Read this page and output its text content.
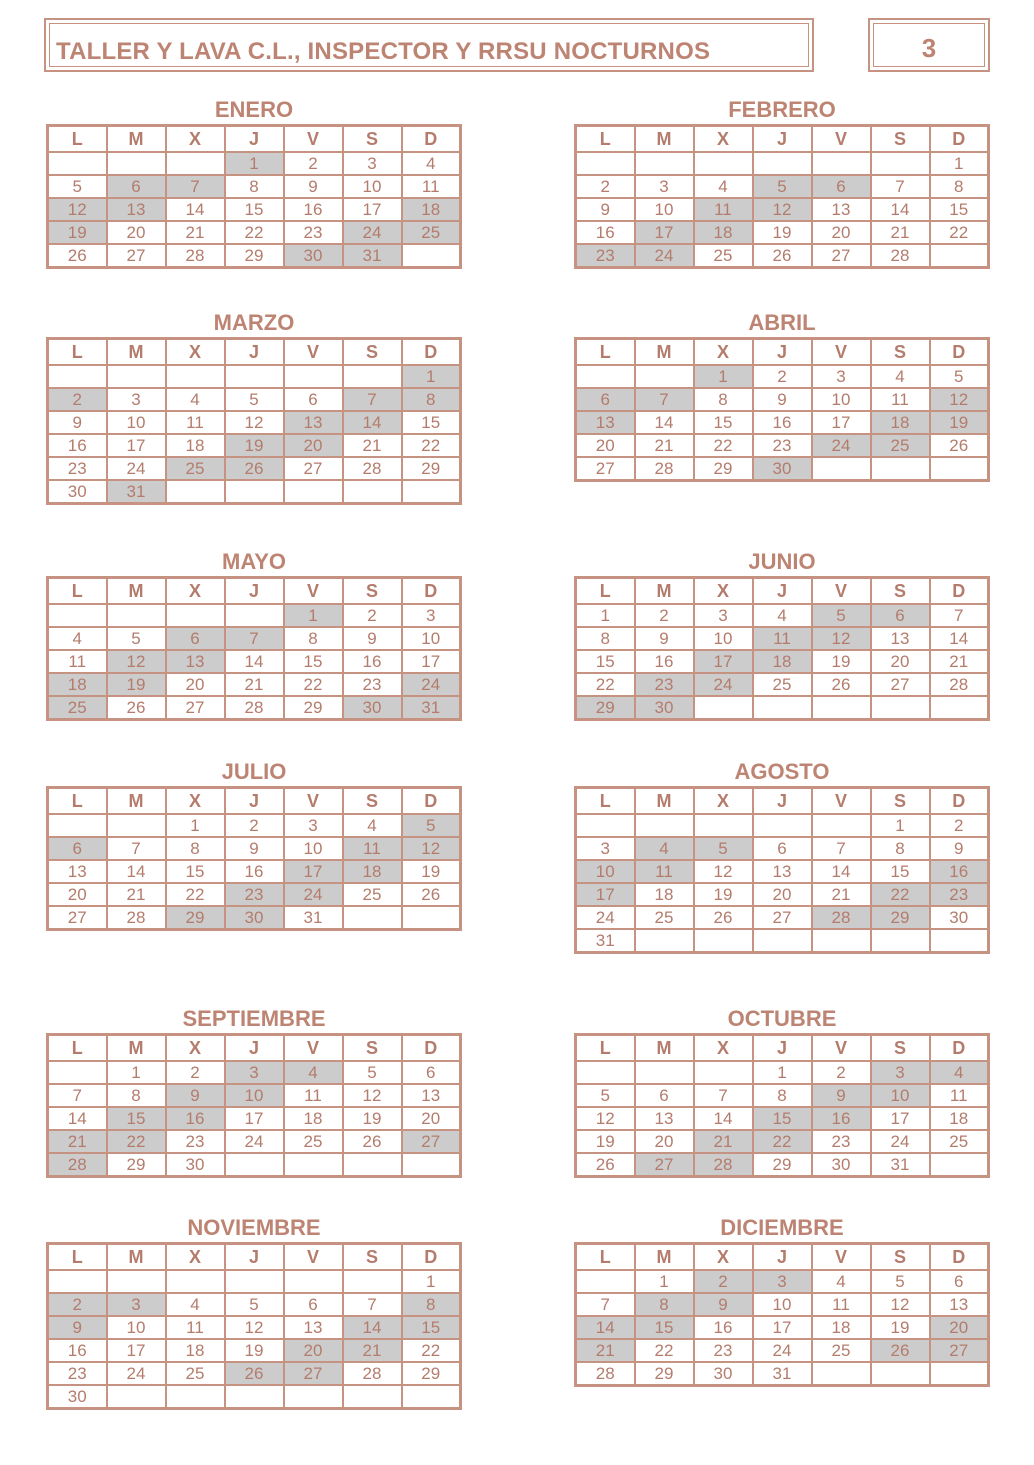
TALLER Y LAVA C.L., INSPECTOR Y RRSU NOCTURNOS	3
ENERO
L	M	X	J	V	S	D
			1	2	3	4
5	6	7	8	9	10	11
12	13	14	15	16	17	18
19	20	21	22	23	24	25
26	27	28	29	30	31	
FEBRERO
L	M	X	J	V	S	D
						1
2	3	4	5	6	7	8
9	10	11	12	13	14	15
16	17	18	19	20	21	22
23	24	25	26	27	28	
MARZO
L	M	X	J	V	S	D
						1
2	3	4	5	6	7	8
9	10	11	12	13	14	15
16	17	18	19	20	21	22
23	24	25	26	27	28	29
30	31					
ABRIL
L	M	X	J	V	S	D
		1	2	3	4	5
6	7	8	9	10	11	12
13	14	15	16	17	18	19
20	21	22	23	24	25	26
27	28	29	30			
MAYO
L	M	X	J	V	S	D
				1	2	3
4	5	6	7	8	9	10
11	12	13	14	15	16	17
18	19	20	21	22	23	24
25	26	27	28	29	30	31
JUNIO
L	M	X	J	V	S	D
1	2	3	4	5	6	7
8	9	10	11	12	13	14
15	16	17	18	19	20	21
22	23	24	25	26	27	28
29	30					
JULIO
L	M	X	J	V	S	D
		1	2	3	4	5
6	7	8	9	10	11	12
13	14	15	16	17	18	19
20	21	22	23	24	25	26
27	28	29	30	31		
AGOSTO
L	M	X	J	V	S	D
					1	2
3	4	5	6	7	8	9
10	11	12	13	14	15	16
17	18	19	20	21	22	23
24	25	26	27	28	29	30
31						
SEPTIEMBRE
L	M	X	J	V	S	D
	1	2	3	4	5	6
7	8	9	10	11	12	13
14	15	16	17	18	19	20
21	22	23	24	25	26	27
28	29	30				
OCTUBRE
L	M	X	J	V	S	D
			1	2	3	4
5	6	7	8	9	10	11
12	13	14	15	16	17	18
19	20	21	22	23	24	25
26	27	28	29	30	31	
NOVIEMBRE
L	M	X	J	V	S	D
						1
2	3	4	5	6	7	8
9	10	11	12	13	14	15
16	17	18	19	20	21	22
23	24	25	26	27	28	29
30						
DICIEMBRE
L	M	X	J	V	S	D
	1	2	3	4	5	6
7	8	9	10	11	12	13
14	15	16	17	18	19	20
21	22	23	24	25	26	27
28	29	30	31			
